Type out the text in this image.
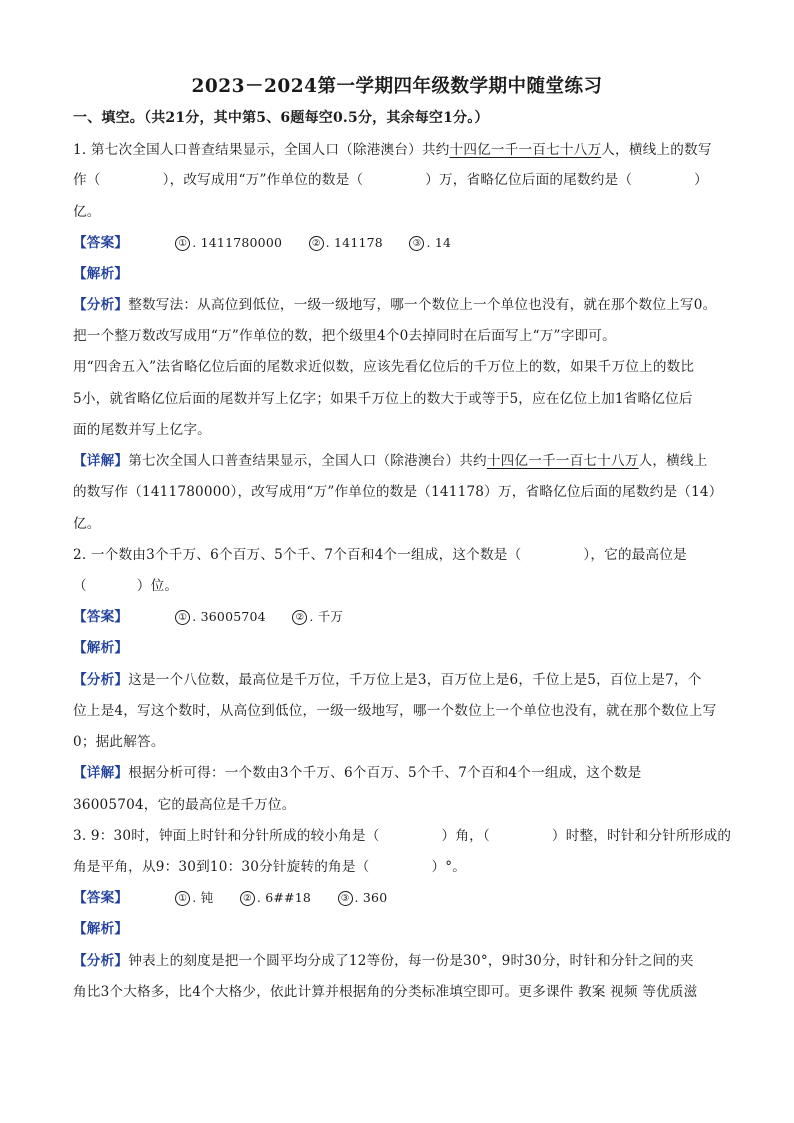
2023－2024第一学期四年级数学期中随堂练习
一、填空。（共21分，其中第5、6题每空0.5分，其余每空1分。）
1. 第七次全国人口普查结果显示，全国人口（除港澳台）共约十四亿一千一百七十八万人，横线上的数写
作（	），改写成用“万”作单位的数是（	）万，省略亿位后面的尾数约是（	）
亿。
【答案】	① . 1411780000	② . 141178	③ . 14
【解析】
【分析】整数写法：从高位到低位，一级一级地写，哪一个数位上一个单位也没有，就在那个数位上写0。
把一个整万数改写成用“万”作单位的数，把个级里4个0去掉同时在后面写上“万”字即可。
用“四舍五入”法省略亿位后面的尾数求近似数，应该先看亿位后的千万位上的数，如果千万位上的数比
5小，就省略亿位后面的尾数并写上亿字；如果千万位上的数大于或等于5，应在亿位上加1省略亿位后
面的尾数并写上亿字。
【详解】第七次全国人口普查结果显示，全国人口（除港澳台）共约十四亿一千一百七十八万人，横线上
的数写作（1411780000），改写成用“万”作单位的数是（141178）万，省略亿位后面的尾数约是（14）
亿。
2. 一个数由3个千万、6个百万、5个千、7个百和4个一组成，这个数是（	），它的最高位是
（	）位。
【答案】	① . 36005704	② . 千万
【解析】
【分析】这是一个八位数，最高位是千万位，千万位上是3，百万位上是6，千位上是5，百位上是7，个
位上是4，写这个数时，从高位到低位，一级一级地写，哪一个数位上一个单位也没有，就在那个数位上写
0；据此解答。
【详解】根据分析可得：一个数由3个千万、6个百万、5个千、7个百和4个一组成，这个数是
36005704，它的最高位是千万位。
3. 9：30时，钟面上时针和分针所成的较小角是（	）角，（	）时整，时针和分针所形成的
角是平角，从9：30到10：30分针旋转的角是（	）°。
【答案】	① . 钝	② . 6##18	③ . 360
【解析】
【分析】钟表上的刻度是把一个圆平均分成了12等份，每一份是30°，9时30分，时针和分针之间的夹
角比3个大格多，比4个大格少，依此计算并根据角的分类标准填空即可。更多课件 教案 视频 等优质滋
